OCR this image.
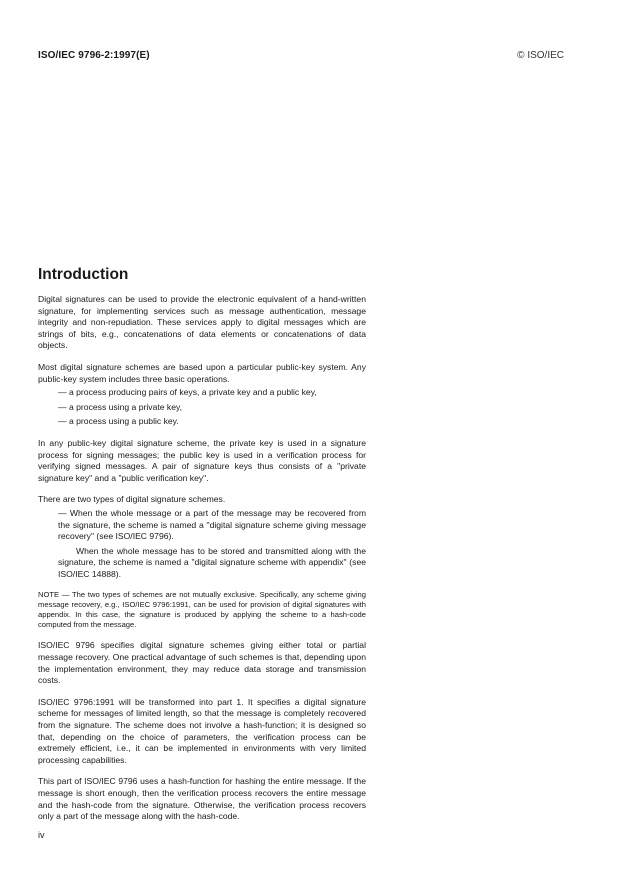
ISO/IEC 9796-2:1997(E)	© ISO/IEC
Introduction

Digital signatures can be used to provide the electronic equivalent of a hand-written signature, for implementing services such as message authentication, message integrity and non-repudiation. These services apply to digital messages which are strings of bits, e.g., concatenations of data elements or concatenations of data objects.

Most digital signature schemes are based upon a particular public-key system. Any public-key system includes three basic operations.

— a process producing pairs of keys, a private key and a public key,
— a process using a private key,
— a process using a public key.

In any public-key digital signature scheme, the private key is used in a signature process for signing messages; the public key is used in a verification process for verifying signed messages. A pair of signature keys thus consists of a "private signature key" and a "public verification key".

There are two types of digital signature schemes.

— When the whole message or a part of the message may be recovered from the signature, the scheme is named a "digital signature scheme giving message recovery" (see ISO/IEC 9796).
When the whole message has to be stored and transmitted along with the signature, the scheme is named a "digital signature scheme with appendix" (see ISO/IEC 14888).
NOTE — The two types of schemes are not mutually exclusive. Specifically, any scheme giving message recovery, e.g., ISO/IEC 9796:1991, can be used for provision of digital signatures with appendix. In this case, the signature is produced by applying the scheme to a hash-code computed from the message.

ISO/IEC 9796 specifies digital signature schemes giving either total or partial message recovery. One practical advantage of such schemes is that, depending upon the implementation environment, they may reduce data storage and transmission costs.

ISO/IEC 9796:1991 will be transformed into part 1. It specifies a digital signature scheme for messages of limited length, so that the message is completely recovered from the signature. The scheme does not involve a hash-function; it is designed so that, depending on the choice of parameters, the verification process can be extremely efficient, i.e., it can be implemented in environments with very limited processing capabilities.

This part of ISO/IEC 9796 uses a hash-function for hashing the entire message. If the message is short enough, then the verification process recovers the entire message and the hash-code from the signature. Otherwise, the verification process recovers only a part of the message along with the hash-code.

iv
